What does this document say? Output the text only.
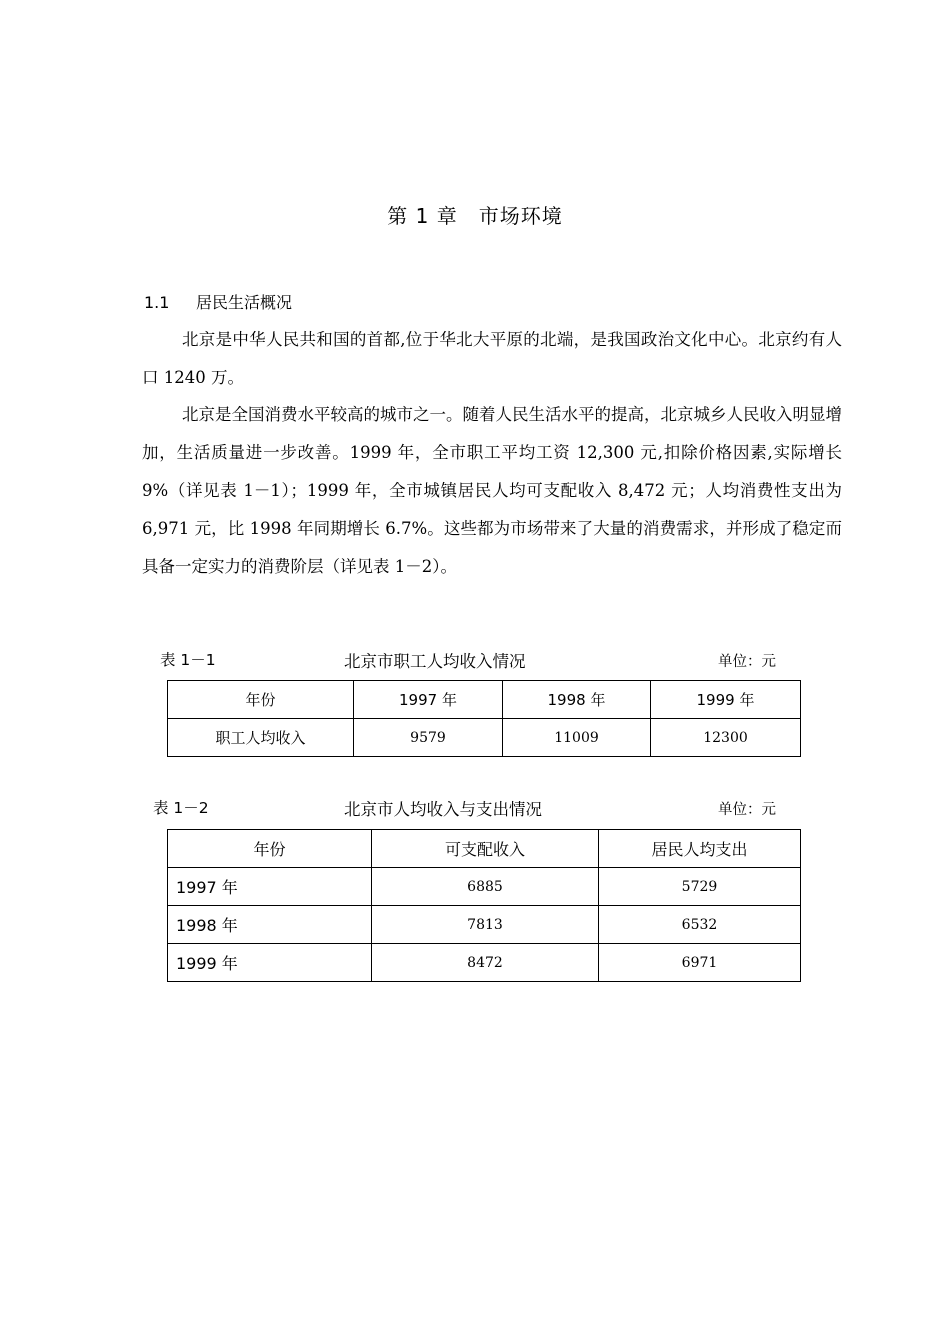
第 1 章　市场环境
1.1 居民生活概况
北京是中华人民共和国的首都,位于华北大平原的北端，是我国政治文化中心。北京约有人口 1240 万。
北京是全国消费水平较高的城市之一。随着人民生活水平的提高，北京城乡人民收入明显增加，生活质量进一步改善。1999 年，全市职工平均工资 12,300 元,扣除价格因素,实际增长 9%（详见表 1－1）；1999 年，全市城镇居民人均可支配收入 8,472 元；人均消费性支出为 6,971 元，比 1998 年同期增长 6.7%。这些都为市场带来了大量的消费需求，并形成了稳定而具备一定实力的消费阶层（详见表 1－2）。
表 1－1	北京市职工人均收入情况	单位：元
年份	1997 年	1998 年	1999 年
职工人均收入	9579	11009	12300
表 1－2	北京市人均收入与支出情况	单位：元
年份	可支配收入	居民人均支出
1997 年	6885	5729
1998 年	7813	6532
1999 年	8472	6971
